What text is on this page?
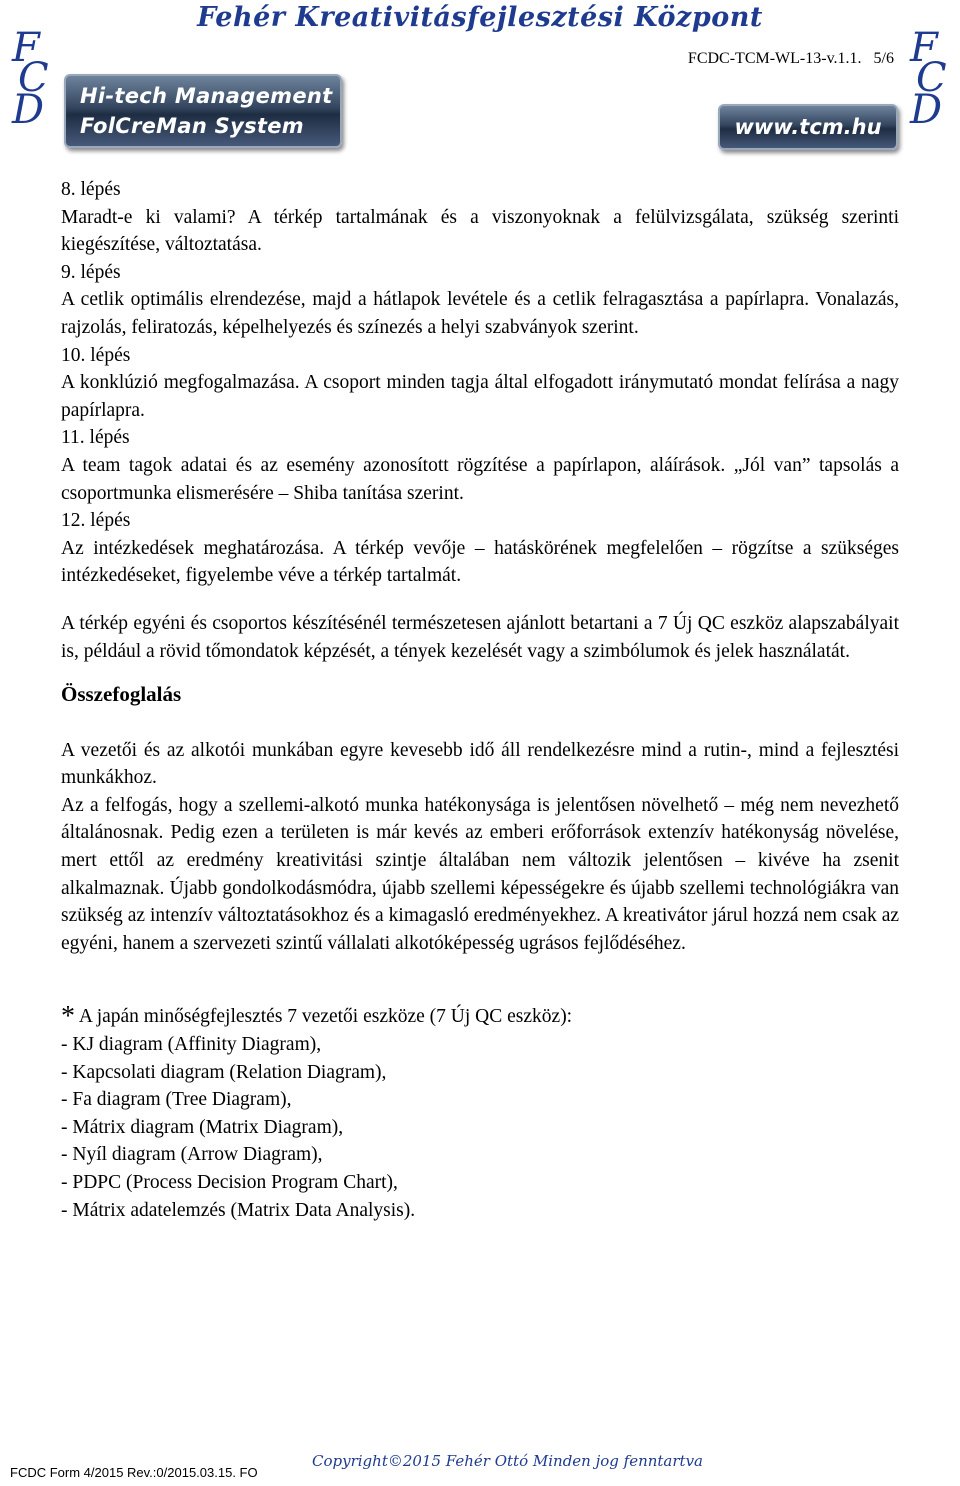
Fehér Kreativitásfejlesztési Központ
FCDC-TCM-WL-13-v.1.1. 5/6
F
C
D
F
C
D
Hi-tech Management
FolCreMan System	www.tcm.hu

8. lépés

Maradt-e ki valami? A térkép tartalmának és a viszonyoknak a felülvizsgálata, szükség szerinti kiegészítése, változtatása.

9. lépés

A cetlik optimális elrendezése, majd a hátlapok levétele és a cetlik felragasztása a papírlapra. Vonalazás, rajzolás, feliratozás, képelhelyezés és színezés a helyi szabványok szerint.

10. lépés

A konklúzió megfogalmazása. A csoport minden tagja által elfogadott iránymutató mondat felírása a nagy papírlapra.

11. lépés

A team tagok adatai és az esemény azonosított rögzítése a papírlapon, aláírások. „Jól van” tapsolás a csoportmunka elismerésére – Shiba tanítása szerint.

12. lépés

Az intézkedések meghatározása. A térkép vevője – hatáskörének megfelelően – rögzítse a szükséges intézkedéseket, figyelembe véve a térkép tartalmát.

A térkép egyéni és csoportos készítésénél természetesen ajánlott betartani a 7 Új QC eszköz alapszabályait is, például a rövid tőmondatok képzését, a tények kezelését vagy a szimbólumok és jelek használatát.

Összefoglalás

A vezetői és az alkotói munkában egyre kevesebb idő áll rendelkezésre mind a rutin-, mind a fejlesztési munkákhoz.

Az a felfogás, hogy a szellemi-alkotó munka hatékonysága is jelentősen növelhető – még nem nevezhető általánosnak. Pedig ezen a területen is már kevés az emberi erőforrások extenzív hatékonyság növelése, mert ettől az eredmény kreativitási szintje általában nem változik jelentősen – kivéve ha zsenit alkalmaznak. Újabb gondolkodásmódra, újabb szellemi képességekre és újabb szellemi technológiákra van szükség az intenzív változtatásokhoz és a kimagasló eredményekhez. A kreativátor járul hozzá nem csak az egyéni, hanem a szervezeti szintű vállalati alkotóképesség ugrásos fejlődéséhez.

* A japán minőségfejlesztés 7 vezetői eszköze (7 Új QC eszköz):

- KJ diagram (Affinity Diagram),

- Kapcsolati diagram (Relation Diagram),

- Fa diagram (Tree Diagram),

- Mátrix diagram (Matrix Diagram),

- Nyíl diagram (Arrow Diagram),

- PDPC (Process Decision Program Chart),

- Mátrix adatelemzés (Matrix Data Analysis).

FCDC Form 4/2015 Rev.:0/2015.03.15. FO
Copyright©2015 Fehér Ottó Minden jog fenntartva
